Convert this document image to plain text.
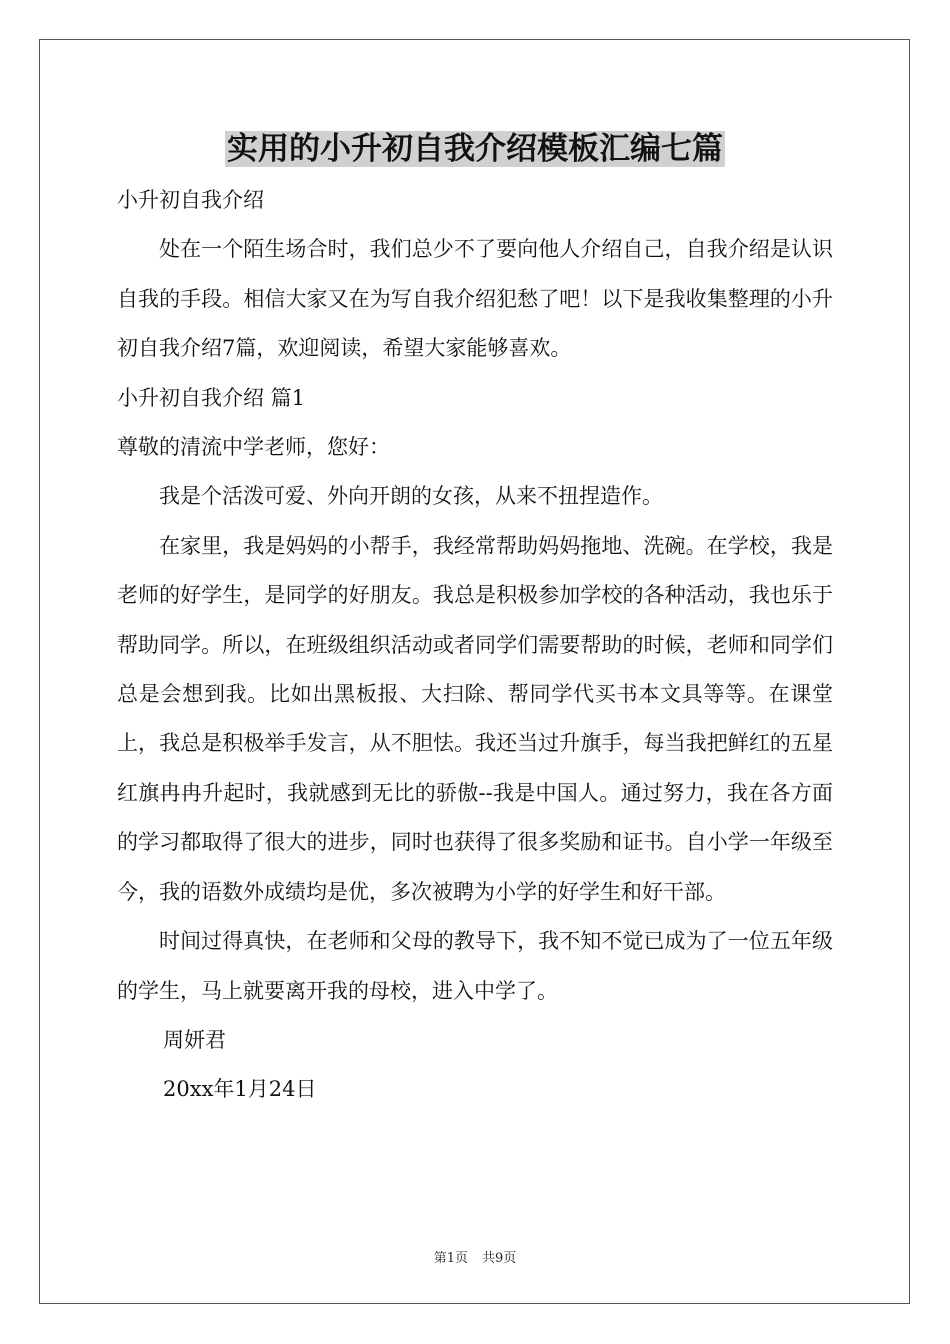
实用的小升初自我介绍模板汇编七篇

小升初自我介绍

处在一个陌生场合时，我们总少不了要向他人介绍自己，自我介绍是认识自我的手段。相信大家又在为写自我介绍犯愁了吧！以下是我收集整理的小升初自我介绍7篇，欢迎阅读，希望大家能够喜欢。

小升初自我介绍 篇1

尊敬的清流中学老师，您好：

我是个活泼可爱、外向开朗的女孩，从来不扭捏造作。

在家里，我是妈妈的小帮手，我经常帮助妈妈拖地、洗碗。在学校，我是老师的好学生，是同学的好朋友。我总是积极参加学校的各种活动，我也乐于帮助同学。所以，在班级组织活动或者同学们需要帮助的时候，老师和同学们总是会想到我。比如出黑板报、大扫除、帮同学代买书本文具等等。在课堂上，我总是积极举手发言，从不胆怯。我还当过升旗手，每当我把鲜红的五星红旗冉冉升起时，我就感到无比的骄傲--我是中国人。通过努力，我在各方面的学习都取得了很大的进步，同时也获得了很多奖励和证书。自小学一年级至今，我的语数外成绩均是优，多次被聘为小学的好学生和好干部。

时间过得真快，在老师和父母的教导下，我不知不觉已成为了一位五年级的学生，马上就要离开我的母校，进入中学了。

周妍君

20xx年1月24日

第1页 共9页
